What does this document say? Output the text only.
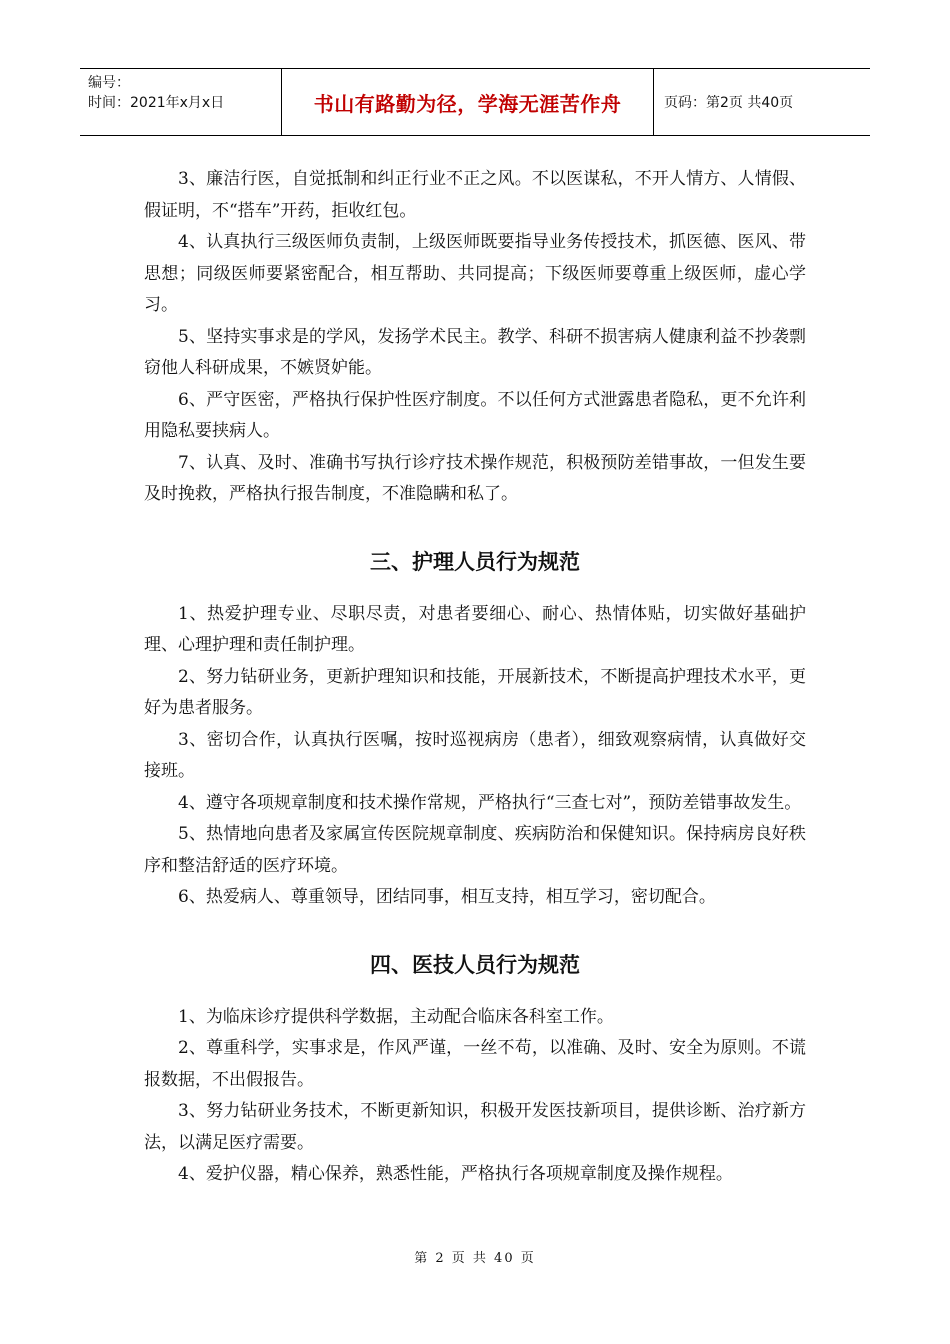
编号：
时间：2021年x月x日	书山有路勤为径，学海无涯苦作舟	页码：第2页 共40页

3、廉洁行医，自觉抵制和纠正行业不正之风。不以医谋私，不开人情方、人情假、假证明，不“搭车”开药，拒收红包。

4、认真执行三级医师负责制，上级医师既要指导业务传授技术，抓医德、医风、带思想；同级医师要紧密配合，相互帮助、共同提高；下级医师要尊重上级医师，虚心学习。

5、坚持实事求是的学风，发扬学术民主。教学、科研不损害病人健康利益不抄袭剽窃他人科研成果，不嫉贤妒能。

6、严守医密，严格执行保护性医疗制度。不以任何方式泄露患者隐私，更不允许利用隐私要挟病人。

7、认真、及时、准确书写执行诊疗技术操作规范，积极预防差错事故，一但发生要及时挽救，严格执行报告制度，不准隐瞒和私了。

三、护理人员行为规范

1、热爱护理专业、尽职尽责，对患者要细心、耐心、热情体贴，切实做好基础护理、心理护理和责任制护理。

2、努力钻研业务，更新护理知识和技能，开展新技术，不断提高护理技术水平，更好为患者服务。

3、密切合作，认真执行医嘱，按时巡视病房（患者），细致观察病情，认真做好交接班。

4、遵守各项规章制度和技术操作常规，严格执行“三查七对”，预防差错事故发生。

5、热情地向患者及家属宣传医院规章制度、疾病防治和保健知识。保持病房良好秩序和整洁舒适的医疗环境。

6、热爱病人、尊重领导，团结同事，相互支持，相互学习，密切配合。

四、医技人员行为规范

1、为临床诊疗提供科学数据，主动配合临床各科室工作。

2、尊重科学，实事求是，作风严谨，一丝不苟，以准确、及时、安全为原则。不谎报数据，不出假报告。

3、努力钻研业务技术，不断更新知识，积极开发医技新项目，提供诊断、治疗新方法，以满足医疗需要。

4、爱护仪器，精心保养，熟悉性能，严格执行各项规章制度及操作规程。

第 2 页 共 40 页
